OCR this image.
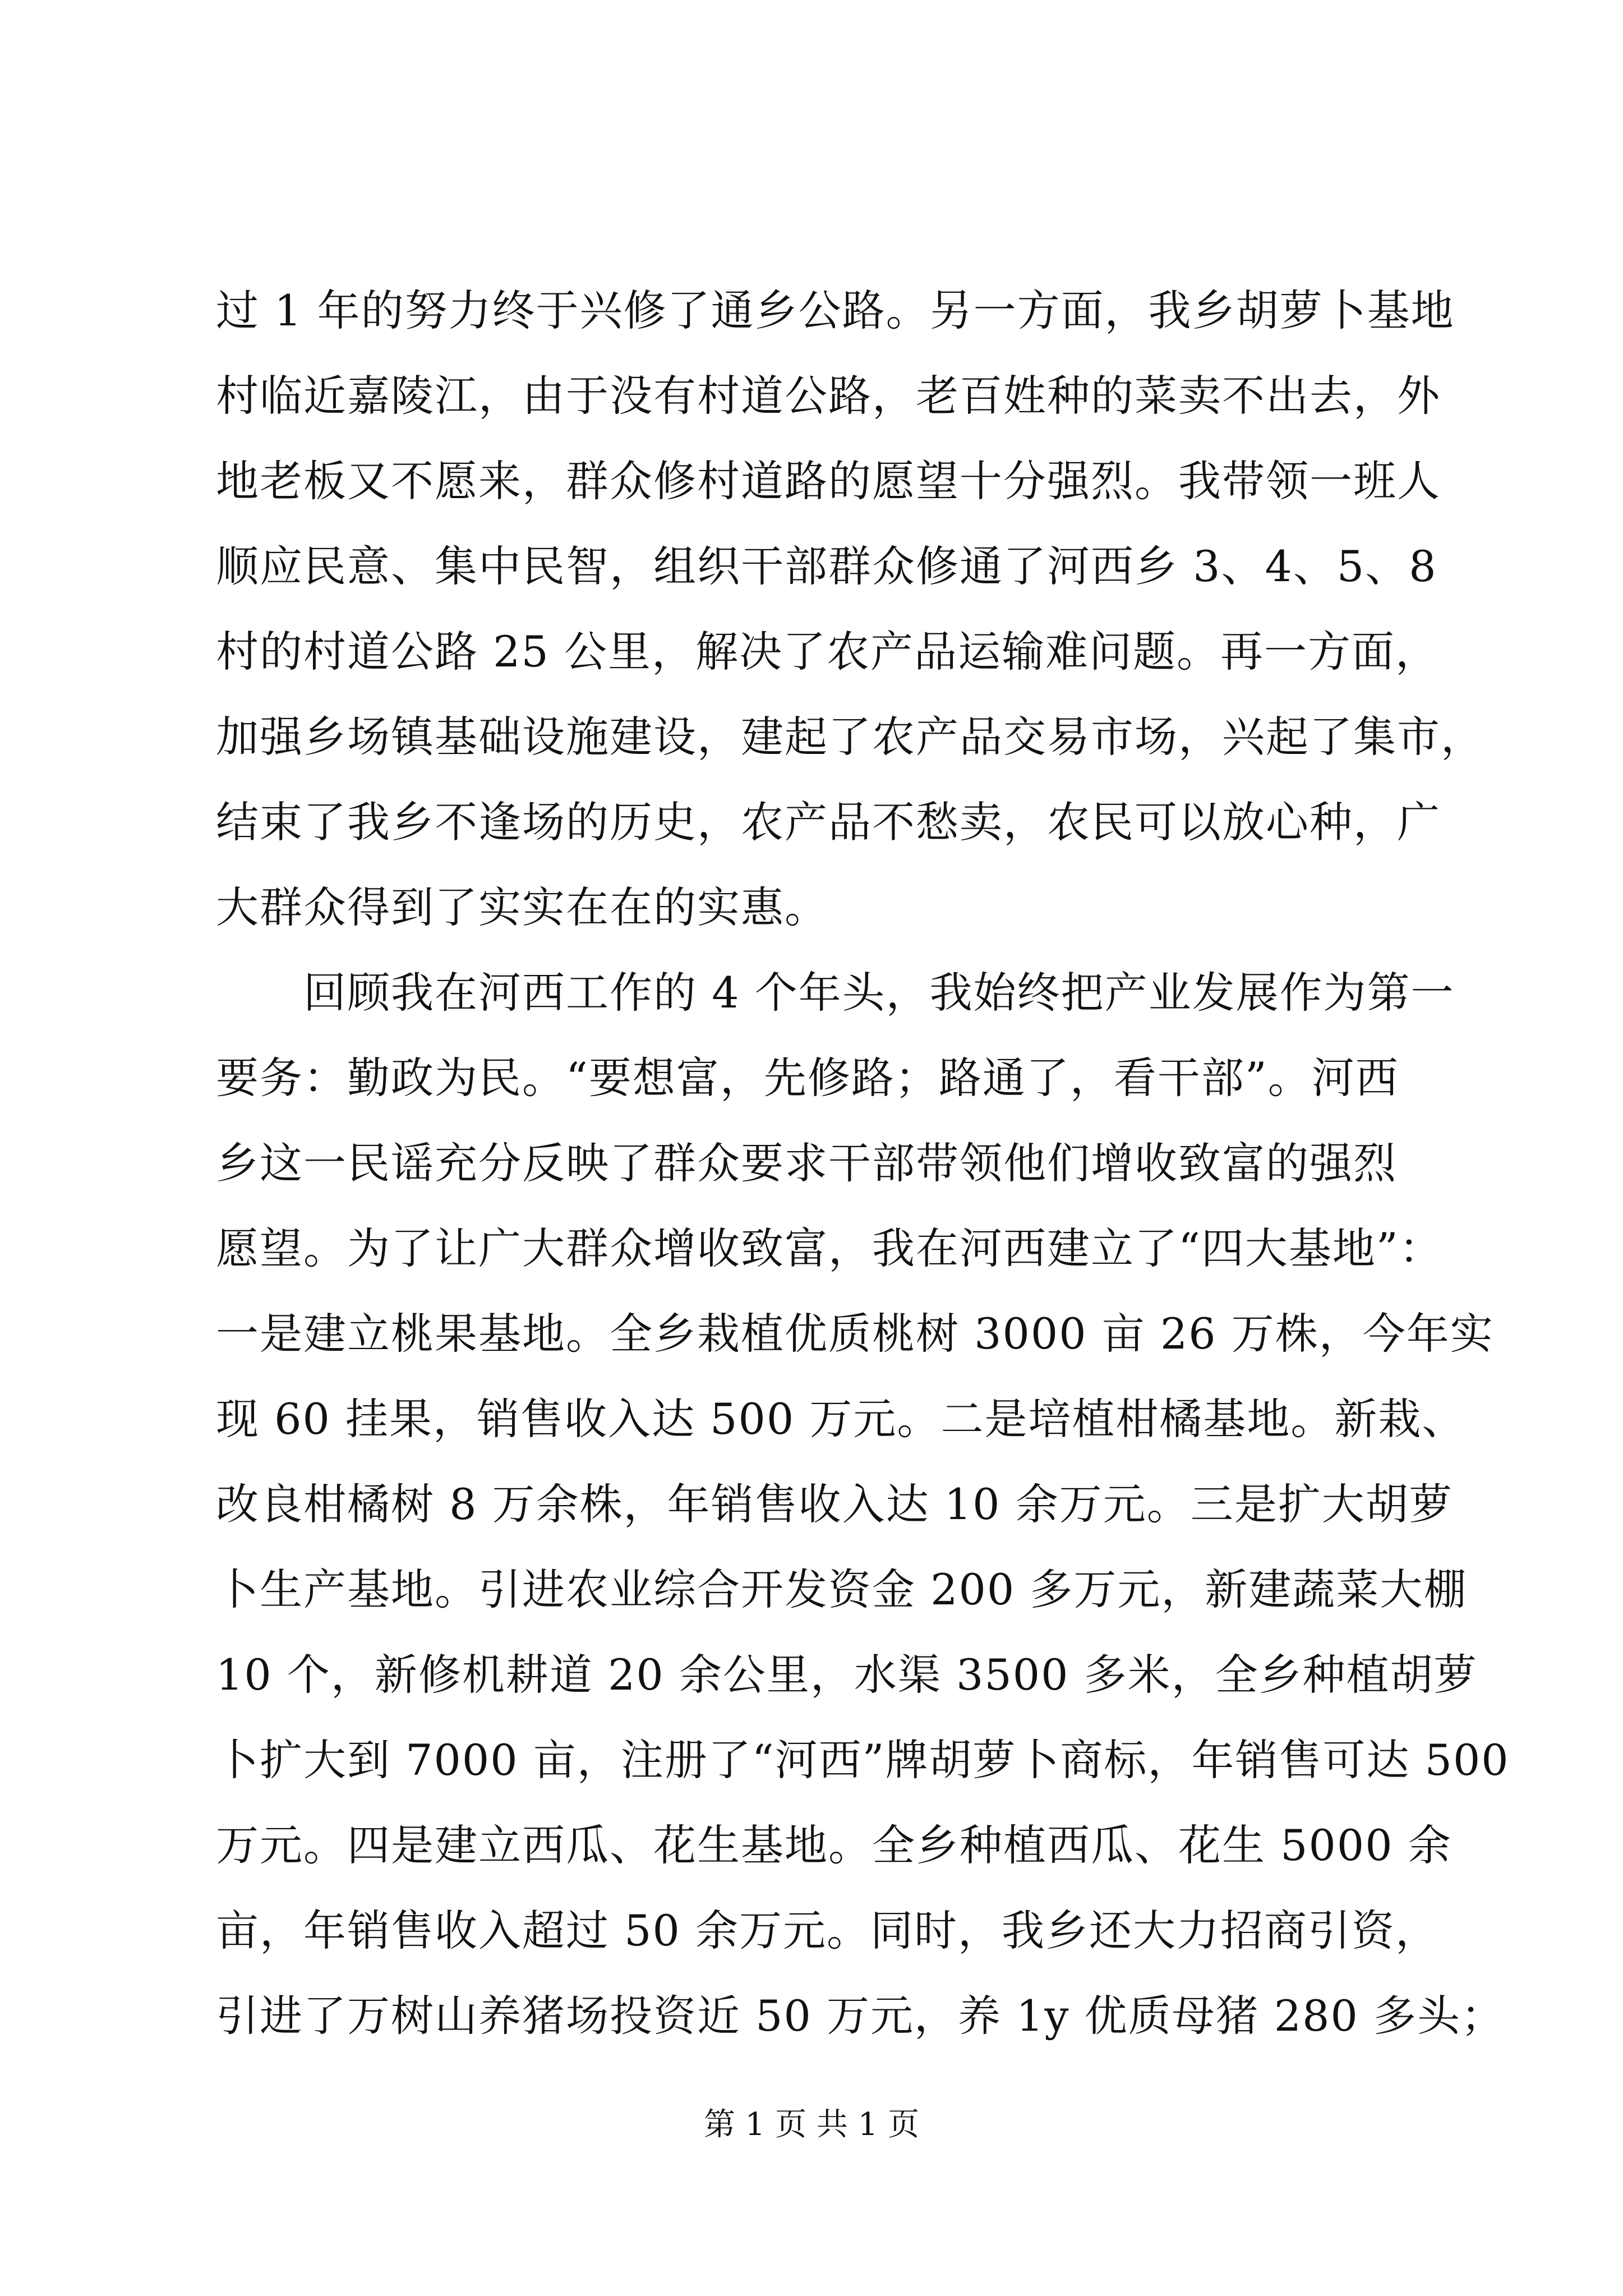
过 1 年的努力终于兴修了通乡公路。另一方面，我乡胡萝卜基地
村临近嘉陵江，由于没有村道公路，老百姓种的菜卖不出去，外
地老板又不愿来，群众修村道路的愿望十分强烈。我带领一班人
顺应民意、集中民智，组织干部群众修通了河西乡 3、4、5、8
村的村道公路 25 公里，解决了农产品运输难问题。再一方面，
加强乡场镇基础设施建设，建起了农产品交易市场，兴起了集市，
结束了我乡不逢场的历史，农产品不愁卖，农民可以放心种，广
大群众得到了实实在在的实惠。
　　回顾我在河西工作的 4 个年头，我始终把产业发展作为第一
要务：勤政为民。“要想富，先修路；路通了，看干部”。河西
乡这一民谣充分反映了群众要求干部带领他们增收致富的强烈
愿望。为了让广大群众增收致富，我在河西建立了“四大基地”：
一是建立桃果基地。全乡栽植优质桃树 3000 亩 26 万株，今年实
现 60 挂果，销售收入达 500 万元。二是培植柑橘基地。新栽、
改良柑橘树 8 万余株，年销售收入达 10 余万元。三是扩大胡萝
卜生产基地。引进农业综合开发资金 200 多万元，新建蔬菜大棚
10 个，新修机耕道 20 余公里，水渠 3500 多米，全乡种植胡萝
卜扩大到 7000 亩，注册了“河西”牌胡萝卜商标，年销售可达 500
万元。四是建立西瓜、花生基地。全乡种植西瓜、花生 5000 余
亩，年销售收入超过 50 余万元。同时，我乡还大力招商引资，
引进了万树山养猪场投资近 50 万元，养 1y 优质母猪 280 多头；
第 1 页 共 1 页
